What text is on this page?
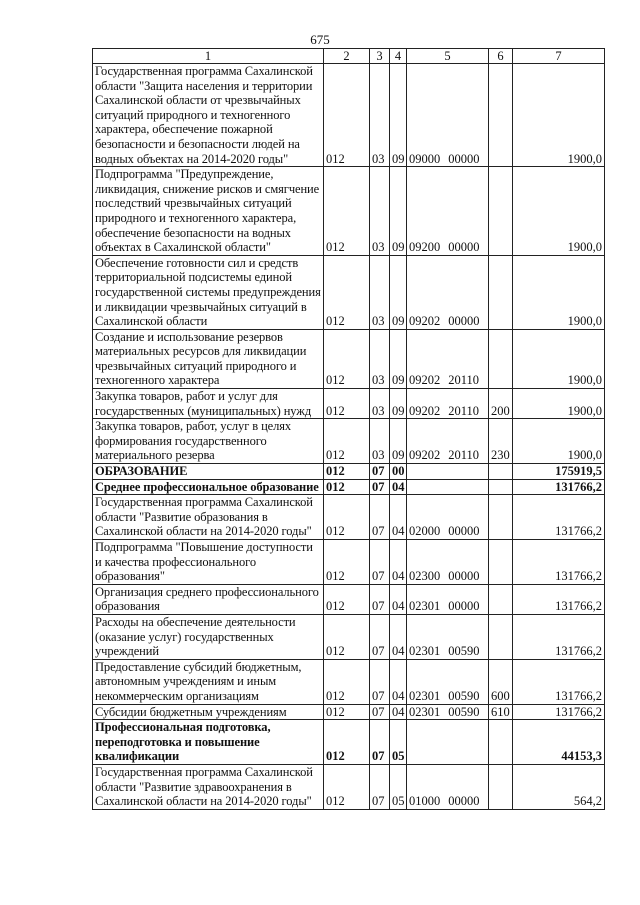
675
1	2	3	4	5	6	7
Государственная программа Сахалинской области "Защита населения и территории Сахалинской области от чрезвычайных ситуаций природного и техногенного характера, обеспечение пожарной безопасности и безопасности людей на водных объектах на 2014-2020 годы"	012	03	09	09000 00000		1900,0
Подпрограмма "Предупреждение, ликвидация, снижение рисков и смягчение последствий чрезвычайных ситуаций природного и техногенного характера, обеспечение безопасности на водных объектах в Сахалинской области"	012	03	09	09200 00000		1900,0
Обеспечение готовности сил и средств территориальной подсистемы единой государственной системы предупреждения и ликвидации чрезвычайных ситуаций в Сахалинской области	012	03	09	09202 00000		1900,0
Создание и использование резервов материальных ресурсов для ликвидации чрезвычайных ситуаций природного и техногенного характера	012	03	09	09202 20110		1900,0
Закупка товаров, работ и услуг для государственных (муниципальных) нужд	012	03	09	09202 20110	200	1900,0
Закупка товаров, работ, услуг в целях формирования государственного материального резерва	012	03	09	09202 20110	230	1900,0
ОБРАЗОВАНИЕ	012	07	00			175919,5
Среднее профессиональное образование	012	07	04			131766,2
Государственная программа Сахалинской области "Развитие образования в Сахалинской области на 2014-2020 годы"	012	07	04	02000 00000		131766,2
Подпрограмма "Повышение доступности и качества профессионального образования"	012	07	04	02300 00000		131766,2
Организация среднего профессионального образования	012	07	04	02301 00000		131766,2
Расходы на обеспечение деятельности (оказание услуг) государственных учреждений	012	07	04	02301 00590		131766,2
Предоставление субсидий бюджетным, автономным учреждениям и иным некоммерческим организациям	012	07	04	02301 00590	600	131766,2
Субсидии бюджетным учреждениям	012	07	04	02301 00590	610	131766,2
Профессиональная подготовка, переподготовка и повышение квалификации	012	07	05			44153,3
Государственная программа Сахалинской области "Развитие здравоохранения в Сахалинской области на 2014-2020 годы"	012	07	05	01000 00000		564,2
